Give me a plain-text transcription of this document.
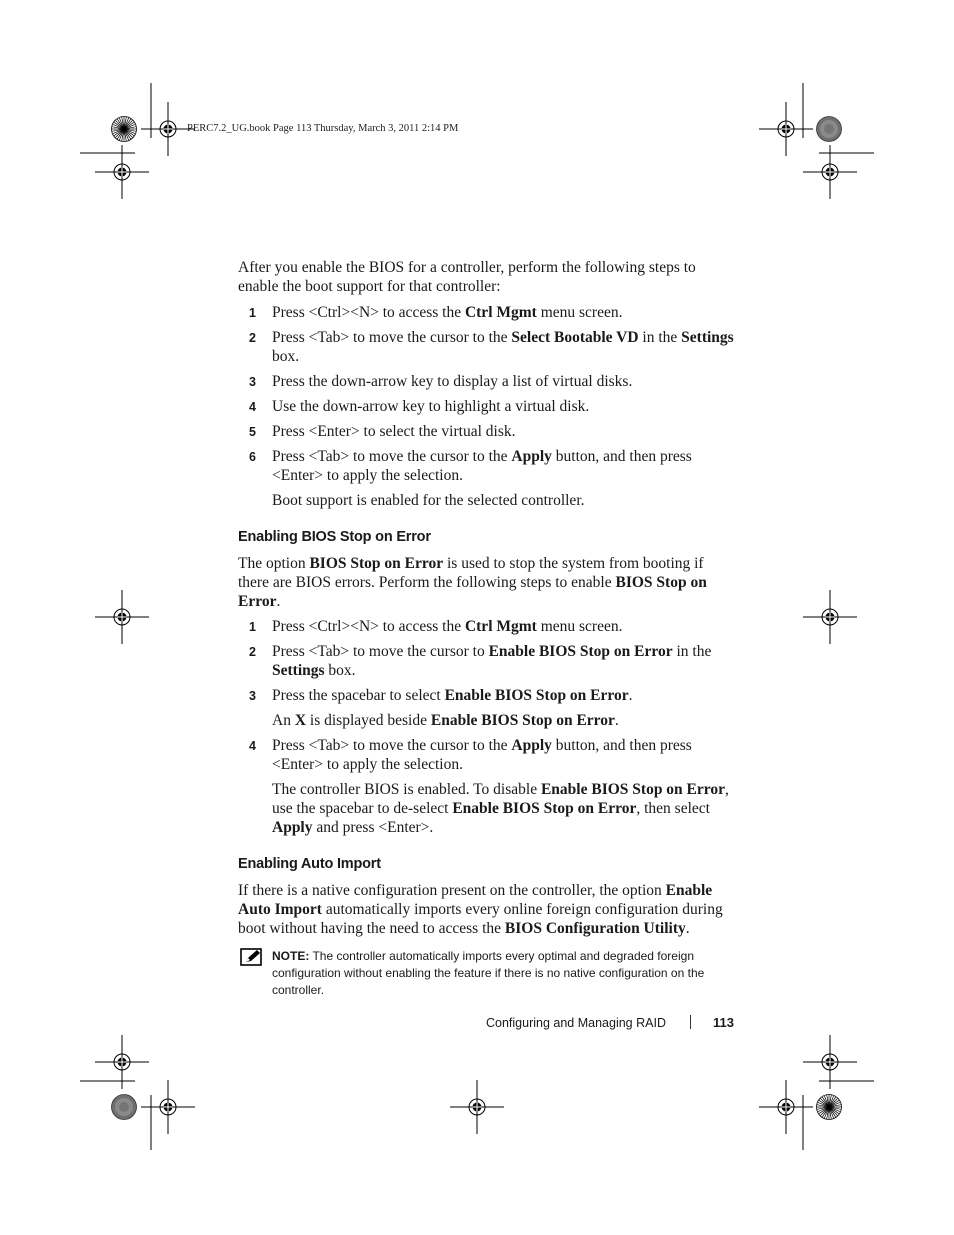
PERC7.2_UG.book Page 113 Thursday, March 3, 2011 2:14 PM

After you enable the BIOS for a controller, perform the following steps to enable the boot support for that controller:

1 Press <Ctrl><N> to access the Ctrl Mgmt menu screen.
2 Press <Tab> to move the cursor to the Select Bootable VD in the Settings box.
3 Press the down-arrow key to display a list of virtual disks.
4 Use the down-arrow key to highlight a virtual disk.
5 Press <Enter> to select the virtual disk.
6 Press <Tab> to move the cursor to the Apply button, and then press <Enter> to apply the selection.
Boot support is enabled for the selected controller.
Enabling BIOS Stop on Error

The option BIOS Stop on Error is used to stop the system from booting if there are BIOS errors. Perform the following steps to enable BIOS Stop on Error.

1 Press <Ctrl><N> to access the Ctrl Mgmt menu screen.
2 Press <Tab> to move the cursor to Enable BIOS Stop on Error in the Settings box.
3 Press the spacebar to select Enable BIOS Stop on Error.
An X is displayed beside Enable BIOS Stop on Error.
4 Press <Tab> to move the cursor to the Apply button, and then press <Enter> to apply the selection.
The controller BIOS is enabled. To disable Enable BIOS Stop on Error, use the spacebar to de-select Enable BIOS Stop on Error, then select Apply and press <Enter>.
Enabling Auto Import

If there is a native configuration present on the controller, the option Enable Auto Import automatically imports every online foreign configuration during boot without having the need to access the BIOS Configuration Utility.

NOTE: The controller automatically imports every optimal and degraded foreign configuration without enabling the feature if there is no native configuration on the controller.
Configuring and Managing RAID	113
